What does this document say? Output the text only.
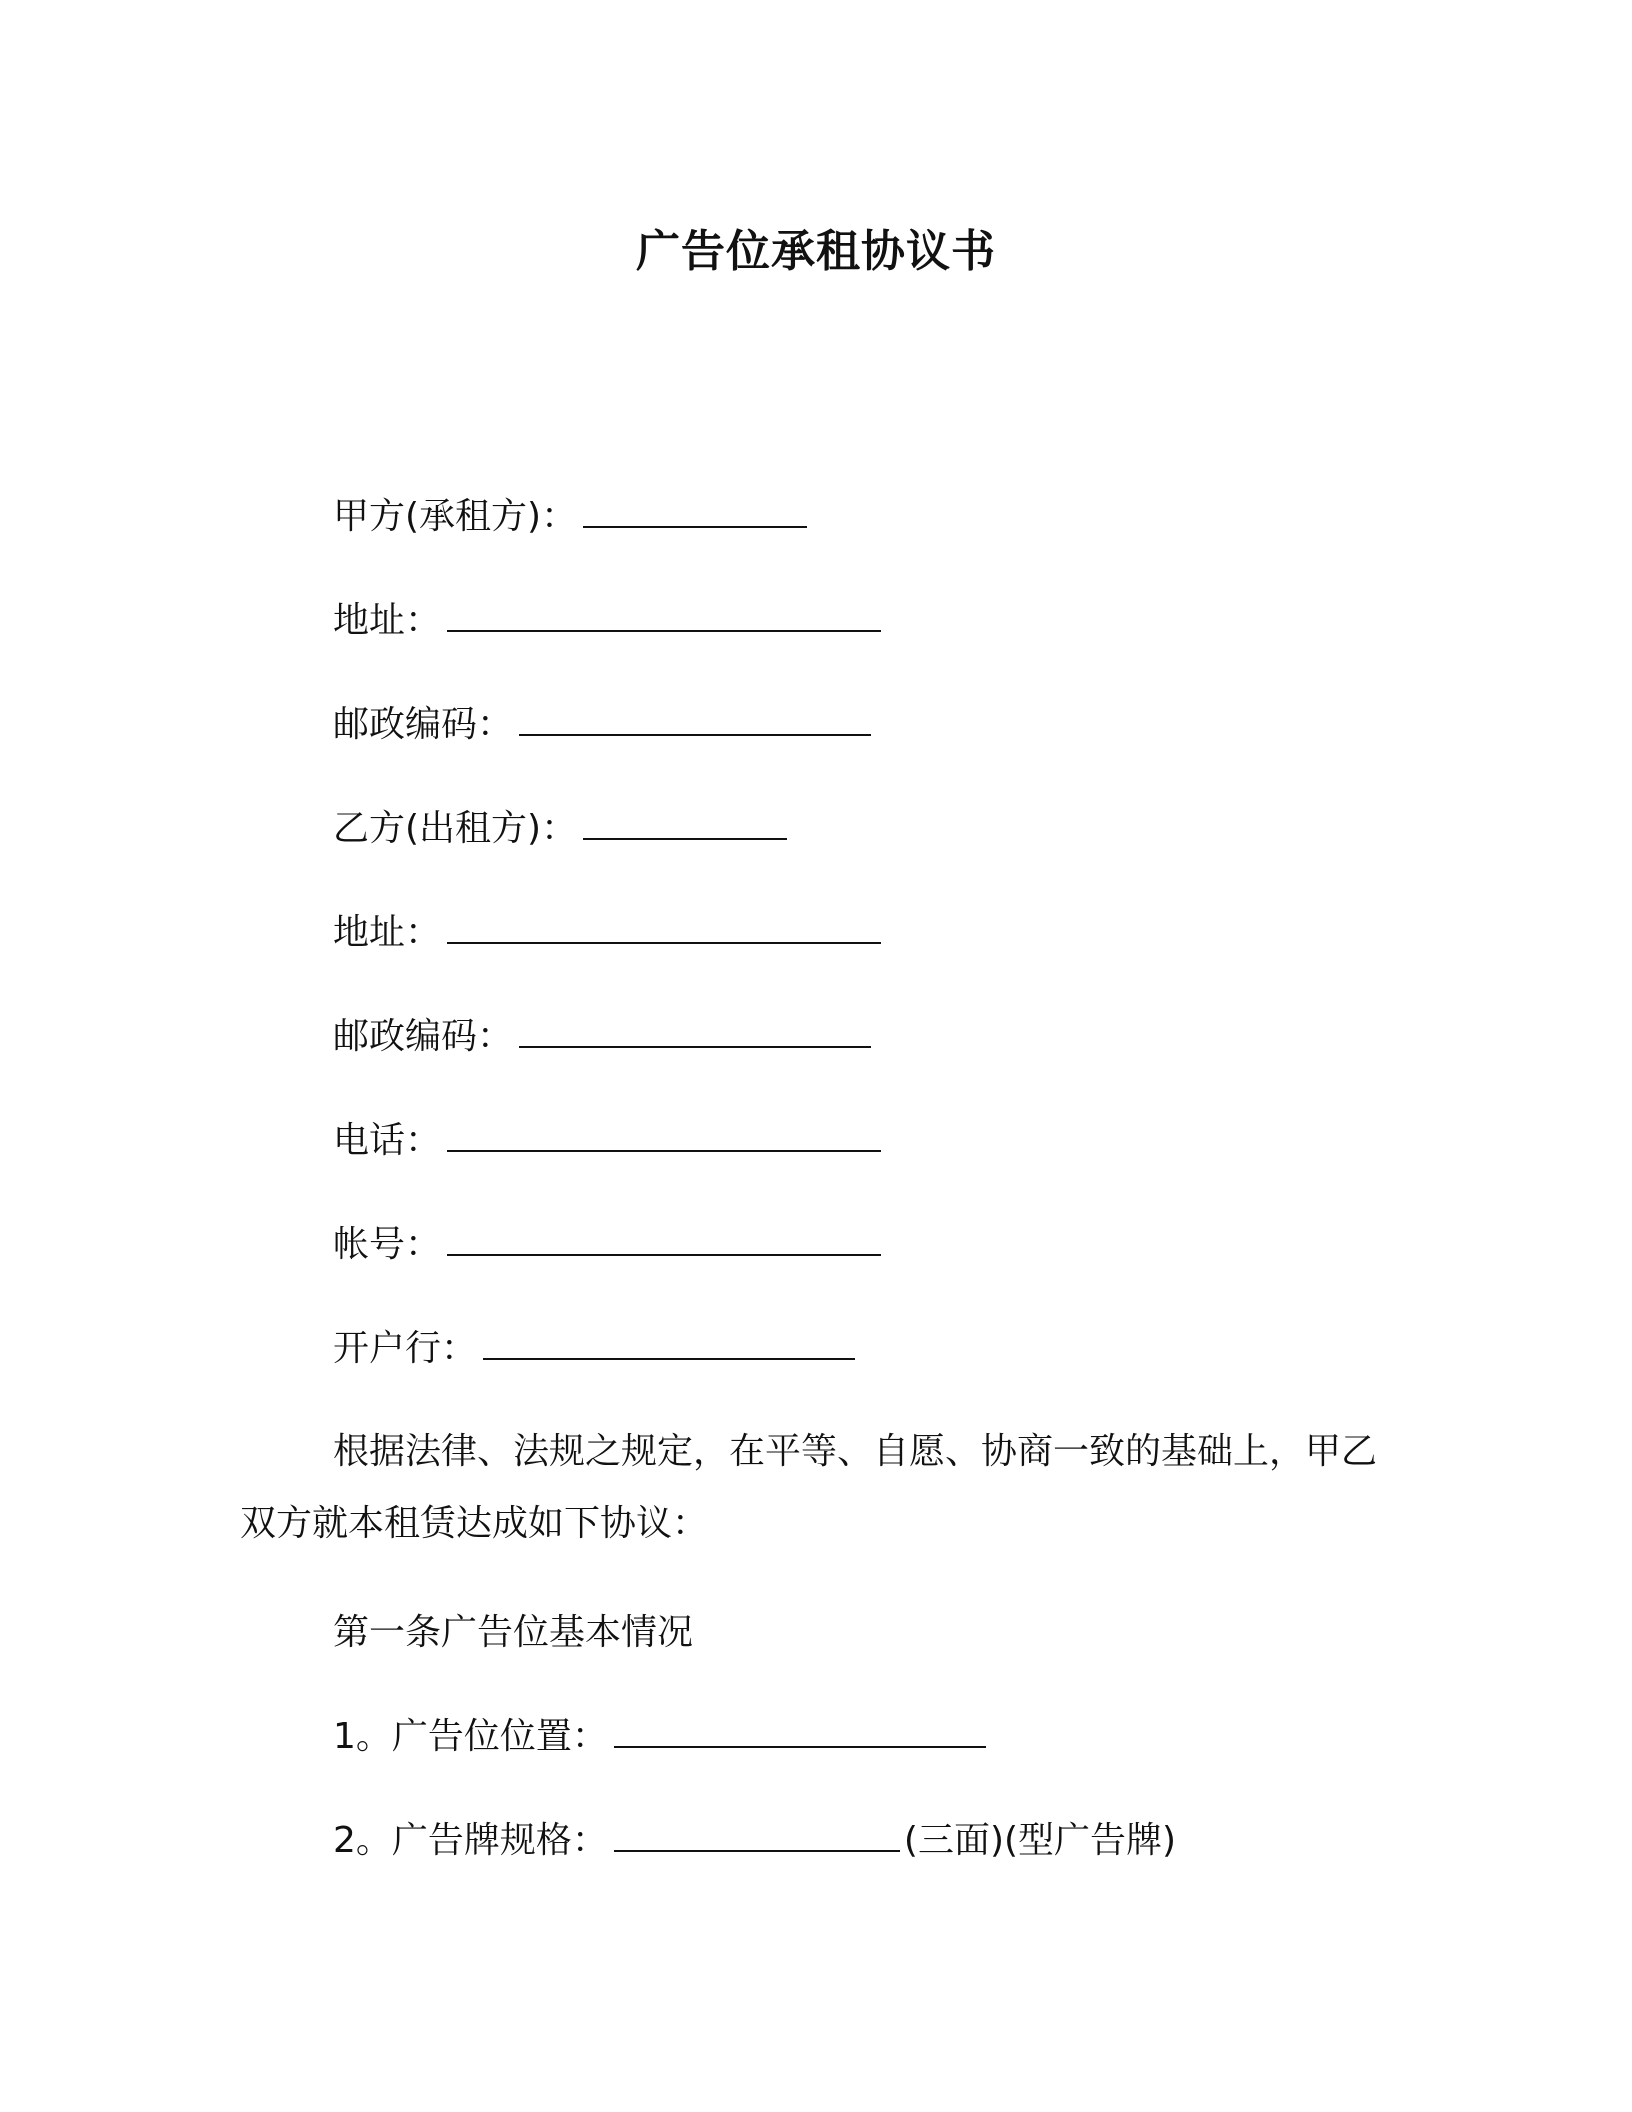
广告位承租协议书
甲方(承租方)：
地址：
邮政编码：
乙方(出租方)：
地址：
邮政编码：
电话：
帐号：
开户行：
根据法律、法规之规定，在平等、自愿、协商一致的基础上，甲乙双方就本租赁达成如下协议：
第一条广告位基本情况
1。广告位位置：
2。广告牌规格：	(三面)(型广告牌)
